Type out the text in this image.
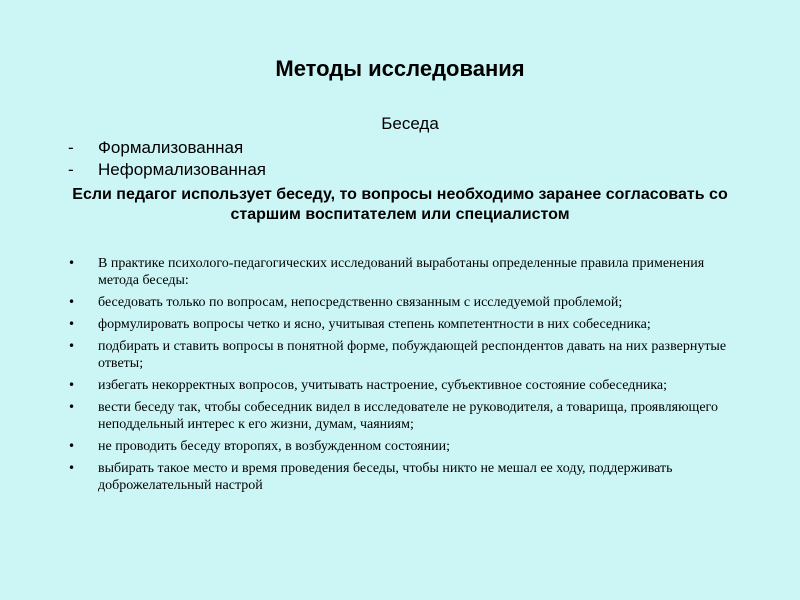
Методы исследования
Беседа
- Формализованная
- Неформализованная
Если педагог использует беседу, то вопросы необходимо заранее согласовать со старшим воспитателем или специалистом
• В практике психолого-педагогических исследований выработаны определенные правила применения метода беседы:
• беседовать только по вопросам, непосредственно связанным с исследуемой проблемой;
• формулировать вопросы четко и ясно, учитывая степень компетентности в них собеседника;
• подбирать и ставить вопросы в понятной форме, побуждающей респондентов давать на них развернутые ответы;
• избегать некорректных вопросов, учитывать настроение, субъективное состояние собеседника;
• вести беседу так, чтобы собеседник видел в исследователе не руководителя, а товарища, проявляющего неподдельный интерес к его жизни, думам, чаяниям;
• не проводить беседу второпях, в возбужденном состоянии;
• выбирать такое место и время проведения беседы, чтобы никто не мешал ее ходу, поддерживать доброжелательный настрой
